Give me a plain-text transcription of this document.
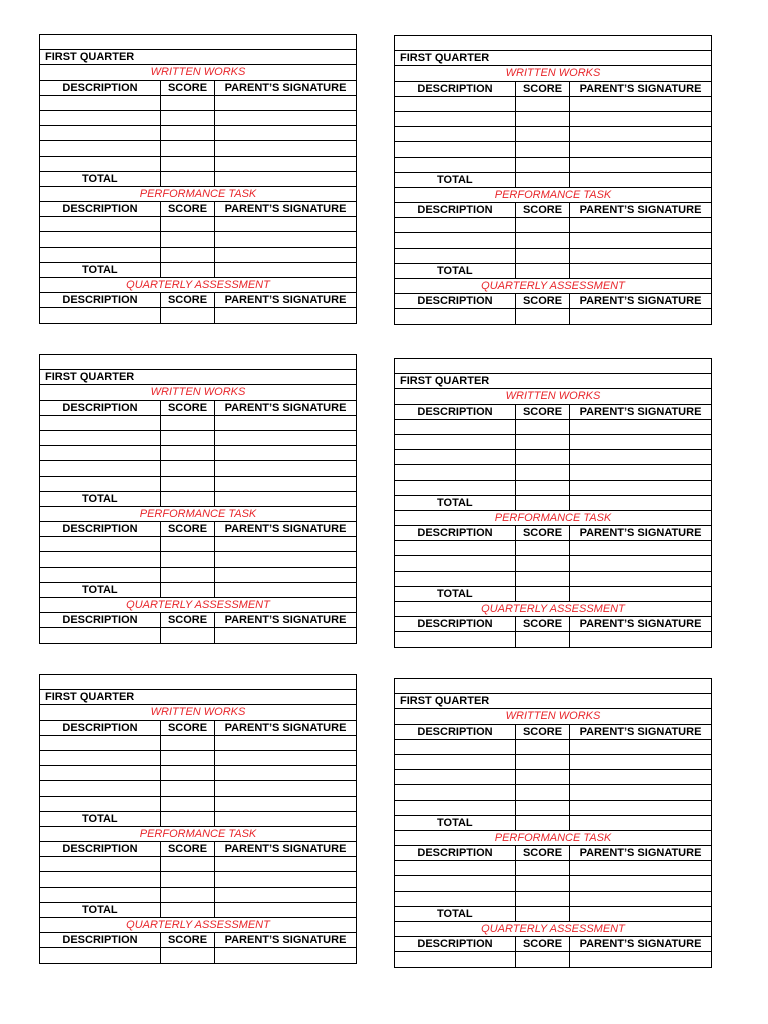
FIRST QUARTER
WRITTEN WORKS
DESCRIPTION	SCORE	PARENT’S SIGNATURE
TOTAL
PERFORMANCE TASK
DESCRIPTION	SCORE	PARENT’S SIGNATURE
TOTAL
QUARTERLY ASSESSMENT
DESCRIPTION	SCORE	PARENT’S SIGNATURE
FIRST QUARTER
WRITTEN WORKS
DESCRIPTION	SCORE	PARENT’S SIGNATURE
TOTAL
PERFORMANCE TASK
DESCRIPTION	SCORE	PARENT’S SIGNATURE
TOTAL
QUARTERLY ASSESSMENT
DESCRIPTION	SCORE	PARENT’S SIGNATURE
FIRST QUARTER
WRITTEN WORKS
DESCRIPTION	SCORE	PARENT’S SIGNATURE
TOTAL
PERFORMANCE TASK
DESCRIPTION	SCORE	PARENT’S SIGNATURE
TOTAL
QUARTERLY ASSESSMENT
DESCRIPTION	SCORE	PARENT’S SIGNATURE
FIRST QUARTER
WRITTEN WORKS
DESCRIPTION	SCORE	PARENT’S SIGNATURE
TOTAL
PERFORMANCE TASK
DESCRIPTION	SCORE	PARENT’S SIGNATURE
TOTAL
QUARTERLY ASSESSMENT
DESCRIPTION	SCORE	PARENT’S SIGNATURE
FIRST QUARTER
WRITTEN WORKS
DESCRIPTION	SCORE	PARENT’S SIGNATURE
TOTAL
PERFORMANCE TASK
DESCRIPTION	SCORE	PARENT’S SIGNATURE
TOTAL
QUARTERLY ASSESSMENT
DESCRIPTION	SCORE	PARENT’S SIGNATURE
FIRST QUARTER
WRITTEN WORKS
DESCRIPTION	SCORE	PARENT’S SIGNATURE
TOTAL
PERFORMANCE TASK
DESCRIPTION	SCORE	PARENT’S SIGNATURE
TOTAL
QUARTERLY ASSESSMENT
DESCRIPTION	SCORE	PARENT’S SIGNATURE
